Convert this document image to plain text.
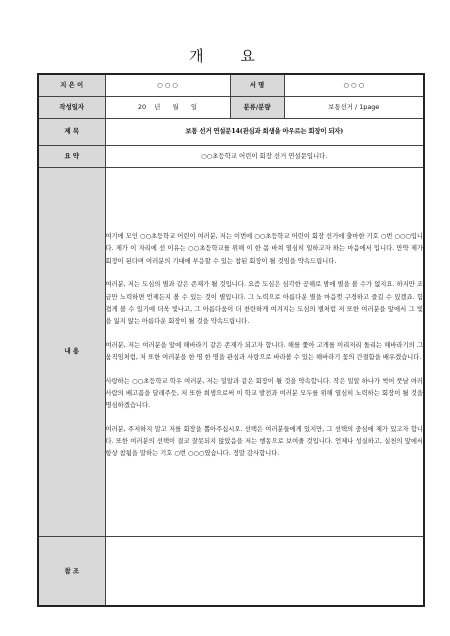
개 요
지 은 이	○ ○ ○	서 명	○ ○ ○
작성일자	20    년      월      일	분류/분량	보통선거 / 1page
제 목	보통 선거 연설문14(관심과 희생을 아우르는 회장이 되자)		
요 약	○○초등학교 어린이 회장 선거 연설문입니다.		
내 용	여기에 모인 ○○초등학교 어린이 여러분, 저는 이번에 ○○초등학교 어린이 회장 선거에 출마한 기호 ○번 ○○○입니다. 제가 이 자리에 선 이유는 ○○초등학교를 위해 이 한 몸 바쳐 열심히 일하고자 하는 마음에서 입니다. 만약 제가 회장이 된다며 여러분의 기대에 부응할 수 있는 참된 회장이 될 것임을 약속드립니다.

여러분, 저는 도심의 별과 같은 존재가 될 것입니다. 요즘 도심은 심각한 공해로 밤에 별을 볼 수가 없지요. 하지만 조금만 노력하면 언제든지 볼 수 있는 것이 별입니다. 그 노력으로 아름다운 별을 마음껏 구경하고 즐길 수 있겠죠. 힘겹게 볼 수 있기에 더욱 빛나고, 그 아름다움이 더 찬란하게 여겨지는 도심의 별처럼 저 또한 여러분을 앞에서 그 빛을 잃지 않는 아름다운 회장이 될 것을 약속드립니다.

여러분, 저는 여러분을 앞에 해바라기 같은 존재가 되고자 합니다. 해를 쫓아 고개를 이리저리 돌리는 해바라기의 그 움직임처럼, 저 또한 여러분을 한 명 한 명을 관심과 사랑으로 바라볼 수 있는 해바라기 꽃의 간절함을 배우겠습니다.

사랑하는 ○○초등학교 학우 여러분, 저는 밀알과 같은 회장이 될 것을 약속합니다. 작은 밀알 하나가 썩어 풋날 여러 사람의 배고픔을 달래주듯, 저 또한 희생으로써 이 학교 발전과 여러분 모두를 위해 열심히 노력하는 회장이 될 것을 명심하겠습니다.

여러분, 주저하지 말고 저를 회장을 뽑아주십시오. 선택은 여러분들에게 있지만, 그 선택의 중심에 제가 있고자 합니다. 또한 여러분의 선택이 결코 잘못되지 않았음을 저는 행동으로 보여줄 것입니다. 언제나 성실하고, 실천의 앞에서 항상 참됨을 말하는 기호 ○번 ○○○였습니다. 정말 감사합니다.		

참 조			
